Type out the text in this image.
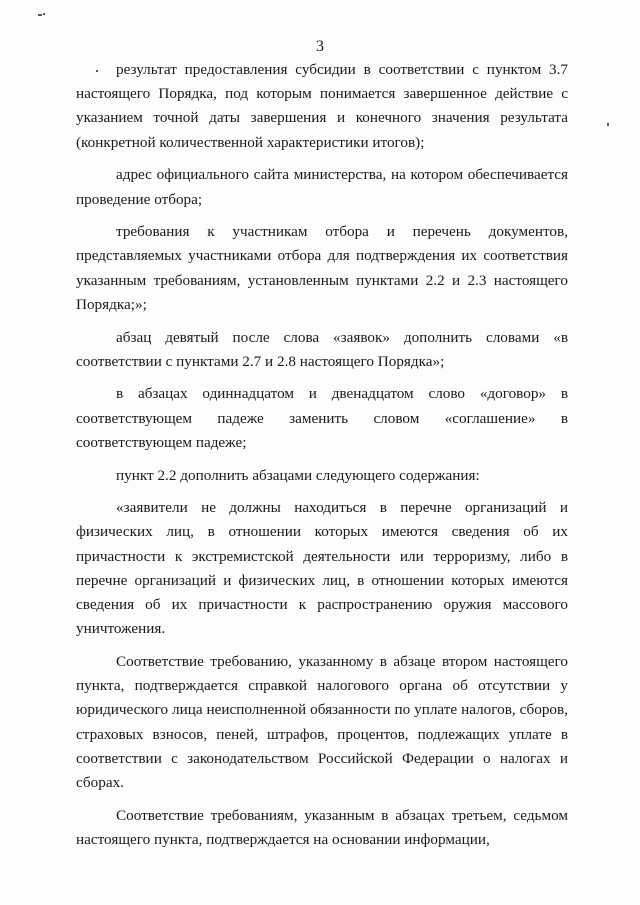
3

результат предоставления субсидии в соответствии с пунктом 3.7 настоящего Порядка, под которым понимается завершенное действие с указанием точной даты завершения и конечного значения результата (конкретной количественной характеристики итогов);

адрес официального сайта министерства, на котором обеспечивается проведение отбора;

требования к участникам отбора и перечень документов, представляемых участниками отбора для подтверждения их соответствия указанным требованиям, установленным пунктами 2.2 и 2.3 настоящего Порядка;»;

абзац девятый после слова «заявок» дополнить словами «в соответствии с пунктами 2.7 и 2.8 настоящего Порядка»;

в абзацах одиннадцатом и двенадцатом слово «договор» в соответствующем падеже заменить словом «соглашение» в соответствующем падеже;

пункт 2.2 дополнить абзацами следующего содержания:

«заявители не должны находиться в перечне организаций и физических лиц, в отношении которых имеются сведения об их причастности к экстремистской деятельности или терроризму, либо в перечне организаций и физических лиц, в отношении которых имеются сведения об их причастности к распространению оружия массового уничтожения.

Соответствие требованию, указанному в абзаце втором настоящего пункта, подтверждается справкой налогового органа об отсутствии у юридического лица неисполненной обязанности по уплате налогов, сборов, страховых взносов, пеней, штрафов, процентов, подлежащих уплате в соответствии с законодательством Российской Федерации о налогах и сборах.

Соответствие требованиям, указанным в абзацах третьем, седьмом настоящего пункта, подтверждается на основании информации,
